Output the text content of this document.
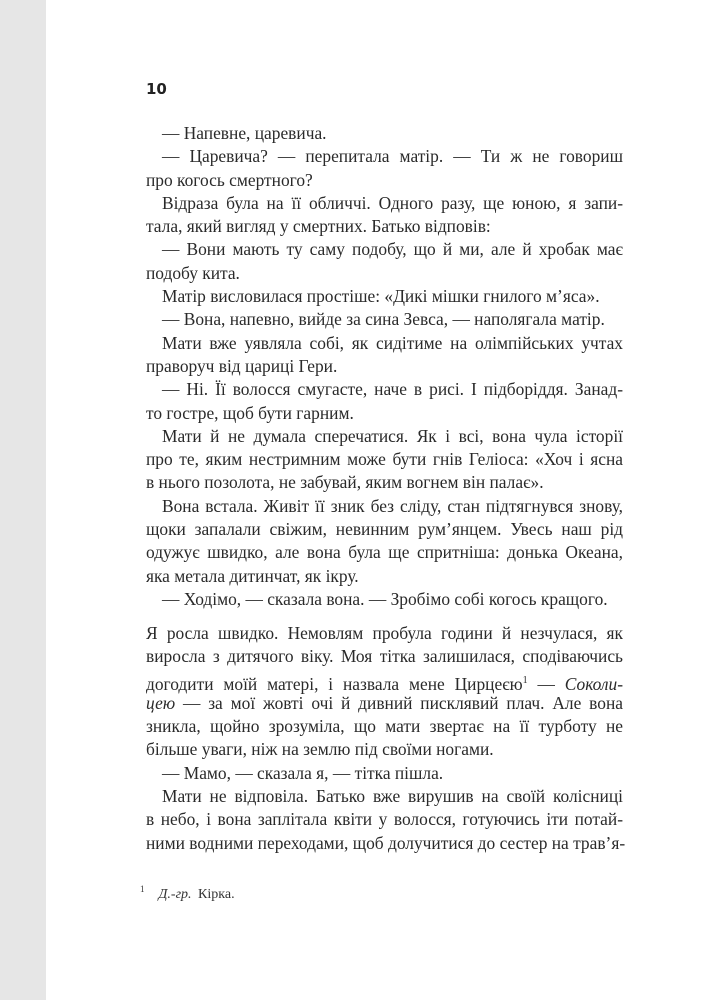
10
— Напевне, царевича.
— Царевича? — перепитала матір. — Ти ж не говориш
про когось смертного?
Відраза була на її обличчі. Одного разу, ще юною, я запи-
тала, який вигляд у смертних. Батько відповів:
— Вони мають ту саму подобу, що й ми, але й хробак має
подобу кита.
Матір висловилася простіше: «Дикі мішки гнилого м’яса».
— Вона, напевно, вийде за сина Зевса, — наполягала матір.
Мати вже уявляла собі, як сидітиме на олімпійських учтах
праворуч від цариці Гери.
— Ні. Її волосся смугасте, наче в рисі. І підборіддя. Занад-
то гостре, щоб бути гарним.
Мати й не думала сперечатися. Як і всі, вона чула історії
про те, яким нестримним може бути гнів Геліоса: «Хоч і ясна
в нього позолота, не забувай, яким вогнем він палає».
Вона встала. Живіт її зник без сліду, стан підтягнувся знову,
щоки запалали свіжим, невинним рум’янцем. Увесь наш рід
одужує швидко, але вона була ще спритніша: донька Океана,
яка метала дитинчат, як ікру.
— Ходімо, — сказала вона. — Зробімо собі когось кращого.
Я росла швидко. Немовлям пробула години й незчулася, як
виросла з дитячого віку. Моя тітка залишилася, сподіваючись
догодити моїй матері, і назвала мене Цирцеєю$^1$ — Соколи-
цею — за мої жовті очі й дивний писклявий плач. Але вона
зникла, щойно зрозуміла, що мати звертає на її турботу не
більше уваги, ніж на землю під своїми ногами.
— Мамо, — сказала я, — тітка пішла.
Мати не відповіла. Батько вже вирушив на своїй колісниці
в небо, і вона заплітала квіти у волосся, готуючись іти потай-
ними водними переходами, щоб долучитися до сестер на трав’я-
$^1$ Д.-гр. Кірка.
